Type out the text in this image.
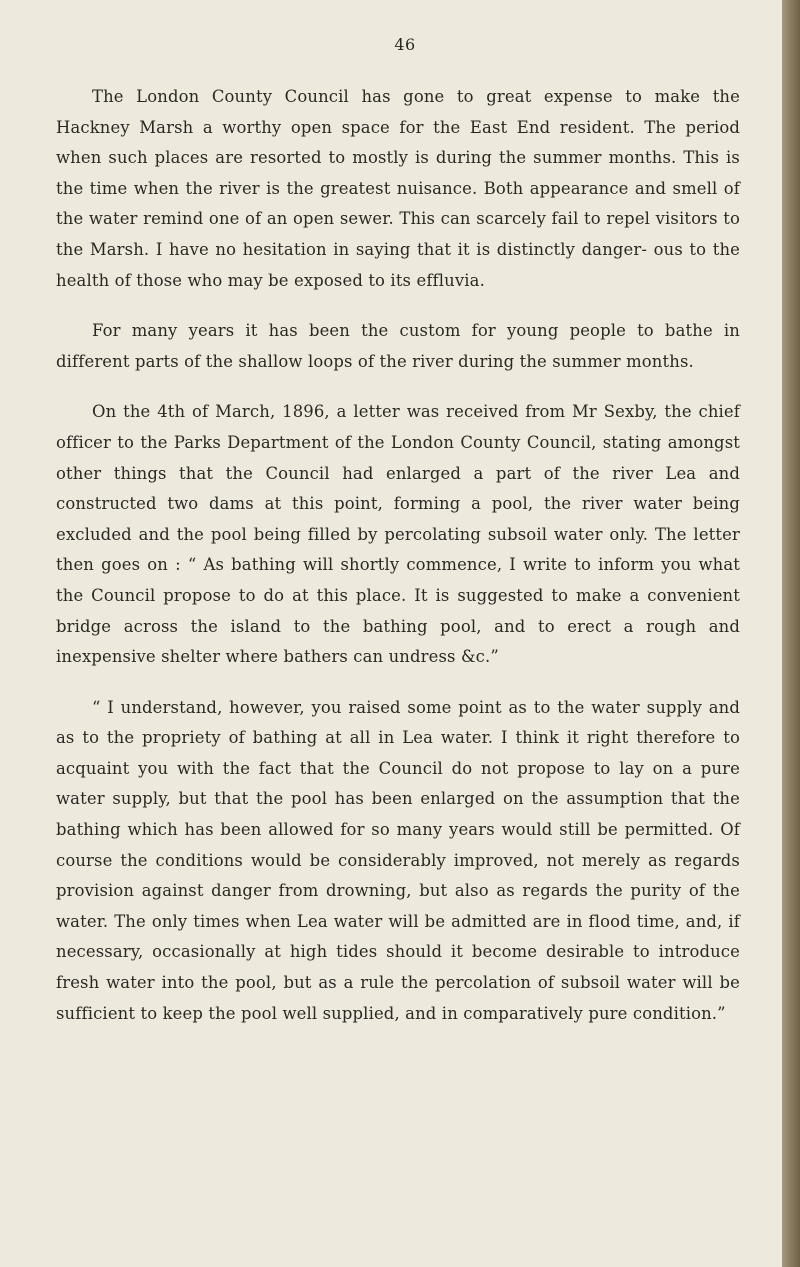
46

The London County Council has gone to great expense to make the Hackney Marsh a worthy open space for the East End resident. The period when such places are resorted to mostly is during the summer months. This is the time when the river is the greatest nuisance. Both appearance and smell of the water remind one of an open sewer. This can scarcely fail to repel visitors to the Marsh. I have no hesitation in saying that it is distinctly danger- ous to the health of those who may be exposed to its effluvia.

For many years it has been the custom for young people to bathe in different parts of the shallow loops of the river during the summer months.

On the 4th of March, 1896, a letter was received from Mr Sexby, the chief officer to the Parks Department of the London County Council, stating amongst other things that the Council had enlarged a part of the river Lea and constructed two dams at this point, forming a pool, the river water being excluded and the pool being filled by percolating subsoil water only. The letter then goes on : “ As bathing will shortly commence, I write to inform you what the Council propose to do at this place. It is suggested to make a convenient bridge across the island to the bathing pool, and to erect a rough and inexpensive shelter where bathers can undress &c.”

“ I understand, however, you raised some point as to the water supply and as to the propriety of bathing at all in Lea water. I think it right therefore to acquaint you with the fact that the Council do not propose to lay on a pure water supply, but that the pool has been enlarged on the assumption that the bathing which has been allowed for so many years would still be permitted. Of course the conditions would be considerably improved, not merely as regards provision against danger from drowning, but also as regards the purity of the water. The only times when Lea water will be admitted are in flood time, and, if necessary, occasionally at high tides should it become desirable to introduce fresh water into the pool, but as a rule the percolation of subsoil water will be sufficient to keep the pool well supplied, and in comparatively pure condition.”
